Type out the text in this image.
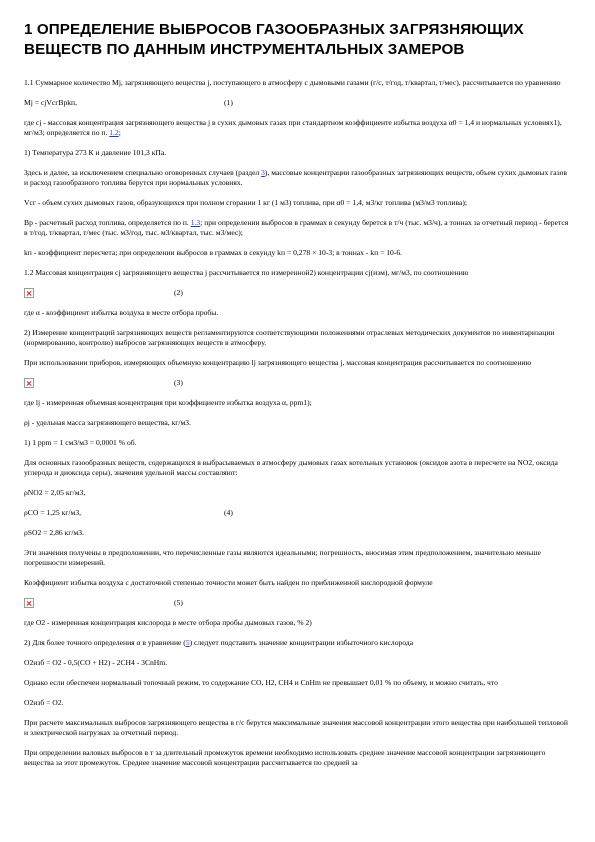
1 ОПРЕДЕЛЕНИЕ ВЫБРОСОВ ГАЗООБРАЗНЫХ ЗАГРЯЗНЯЮЩИХ ВЕЩЕСТВ ПО ДАННЫМ ИНСТРУМЕНТАЛЬНЫХ ЗАМЕРОВ

1.1 Суммарное количество Mj, загрязняющего вещества j, поступающего в атмосферу с дымовыми газами (г/с, т/год, т/квартал, т/мес), рассчитывается по уравнению

Mj = cjVcгBpkп,	(1)

где cj - массовая концентрация загрязняющего вещества j в сухих дымовых газах при стандартном коэффициенте избытка воздуха α0 = 1,4 и нормальных условиях1), мг/м3; определяется по п. 1.2;

1) Температура 273 К и давление 101,3 кПа.

Здесь и далее, за исключением специально оговоренных случаев (раздел 3), массовые концентрации газообразных загрязняющих веществ, объем сухих дымовых газов и расход газообразного топлива берутся при нормальных условиях.

Vcг - объем сухих дымовых газов, образующихся при полном сгорании 1 кг (1 м3) топлива, при α0 = 1,4, м3/кг топлива (м3/м3 топлива);

Bp - расчетный расход топлива, определяется по п. 1.3; при определении выбросов в граммах в секунду берется в т/ч (тыс. м3/ч), а тоннах за отчетный период - берется в т/год, т/квартал, т/мес (тыс. м3/год, тыс. м3/квартал, тыс. м3/мес);

kп - коэффициент пересчета; при определении выбросов в граммах в секунду kп = 0,278 × 10-3; в тоннах - kп = 10-6.

1.2 Массовая концентрация cj загрязняющего вещества j рассчитывается по измеренной2) концентрации cj(изм), мг/м3, по соотношению

(2)

где α - коэффициент избытка воздуха в месте отбора пробы.

2) Измерение концентраций загрязняющих веществ регламентируются соответствующими положениями отраслевых методических документов по инвентаризации (нормированию, контролю) выбросов загрязняющих веществ в атмосферу.

При использовании приборов, измеряющих объемную концентрацию lj загрязняющего вещества j, массовая концентрация рассчитывается по соотношению

(3)

где lj - измеренная объемная концентрация при коэффициенте избытка воздуха α, ppm1);

ρj - удельная масса загрязняющего вещества, кг/м3.

1) 1 ppm = 1 см3/м3 = 0,0001 % об.

Для основных газообразных веществ, содержащихся в выбрасываемых в атмосферу дымовых газах котельных установок (оксидов азота в пересчете на NO2, оксида углерода и диоксида серы), значения удельной массы составляют:

ρNO2 = 2,05 кг/м3,

ρCO = 1,25 кг/м3,	(4)

ρSO2 = 2,86 кг/м3.

Эти значения получены в предположении, что перечисленные газы являются идеальными; погрешность, вносимая этим предположением, значительно меньше погрешности измерений.

Коэффициент избытка воздуха с достаточной степенью точности может быть найден по приближенной кислородной формуле

(5)

где O2 - измеренная концентрация кислорода в месте отбора пробы дымовых газов, % 2)

2) Для более точного определения α в уравнение (5) следует подставить значение концентрации избыточного кислорода

O2изб = O2 - 0,5(CO + H2) - 2CH4 - 3CnHm.

Однако если обеспечен нормальный топочный режим, то содержание CO, H2, CH4 и CnHm не превышает 0,01 % по объему, и можно считать, что

O2изб = O2.

При расчете максимальных выбросов загрязняющего вещества в г/с берутся максимальные значения массовой концентрации этого вещества при наибольшей тепловой и электрической нагрузках за отчетный период.

При определении валовых выбросов в т за длительный промежуток времени необходимо использовать среднее значение массовой концентрации загрязняющего вещества за этот промежуток. Среднее значение массовой концентрации рассчитывается по средней за
